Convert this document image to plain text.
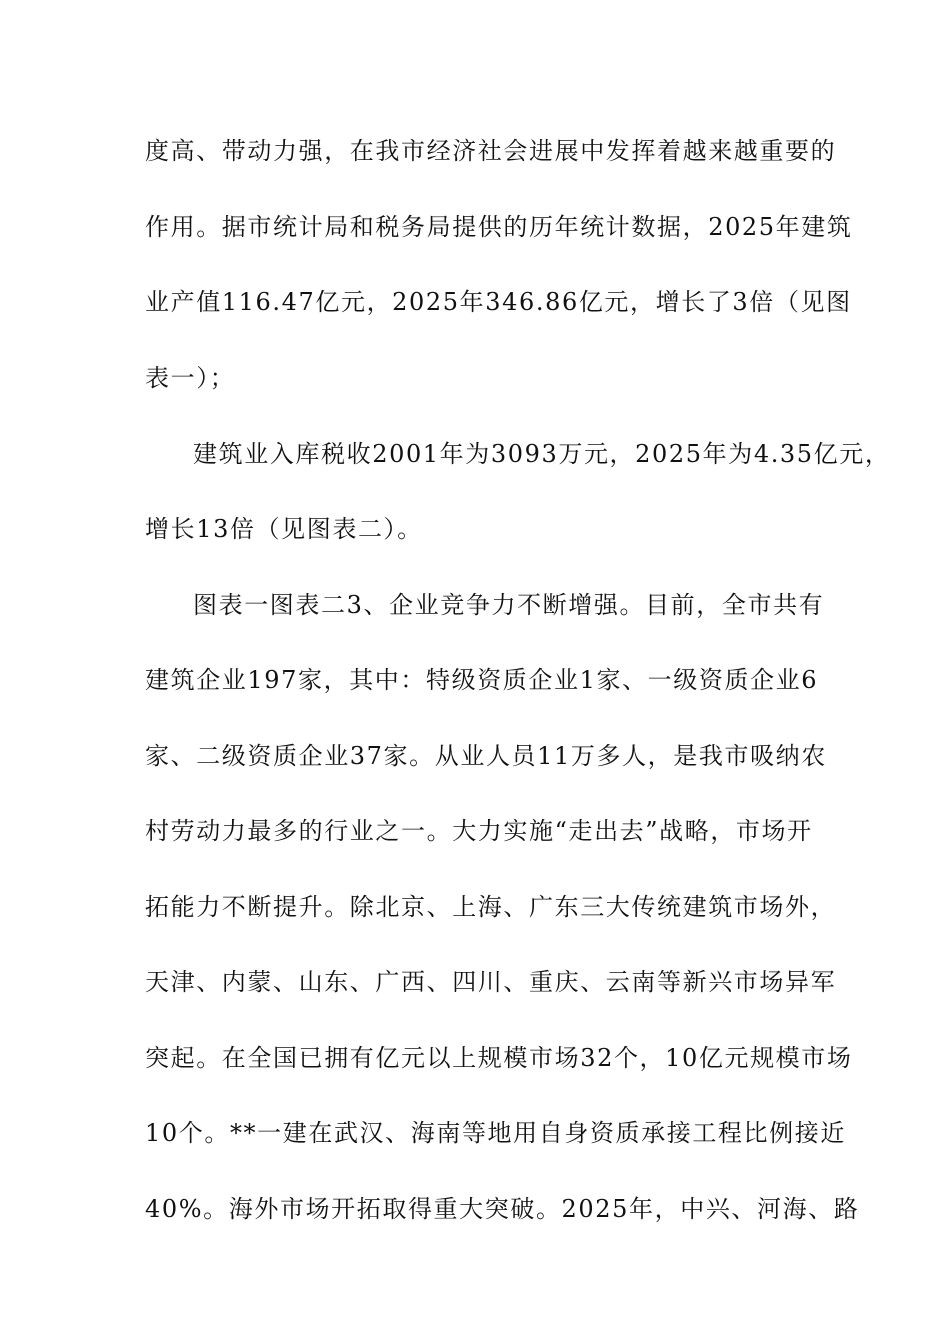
度高、带动力强，在我市经济社会进展中发挥着越来越重要的
作用。据市统计局和税务局提供的历年统计数据，2025年建筑
业产值116.47亿元，2025年346.86亿元，增长了3倍（见图
表一）；
建筑业入库税收2001年为3093万元，2025年为4.35亿元，
增长13倍（见图表二）。
图表一图表二3、企业竞争力不断增强。目前，全市共有
建筑企业197家，其中：特级资质企业1家、一级资质企业6
家、二级资质企业37家。从业人员11万多人，是我市吸纳农
村劳动力最多的行业之一。大力实施“走出去”战略，市场开
拓能力不断提升。除北京、上海、广东三大传统建筑市场外，
天津、内蒙、山东、广西、四川、重庆、云南等新兴市场异军
突起。在全国已拥有亿元以上规模市场32个，10亿元规模市场
10个。**一建在武汉、海南等地用自身资质承接工程比例接近
40%。海外市场开拓取得重大突破。2025年，中兴、河海、路
